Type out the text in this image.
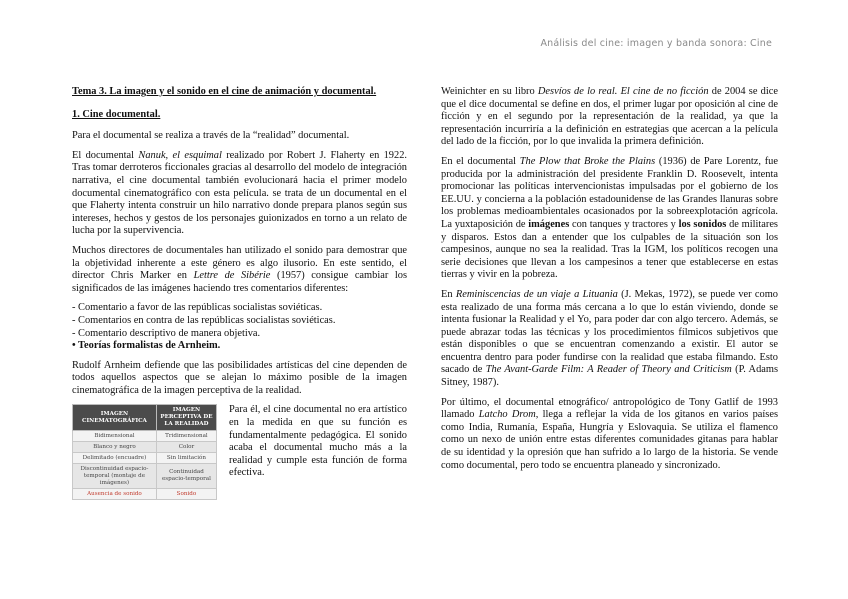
Análisis del cine: imagen y banda sonora: Cine

Tema 3. La imagen y el sonido en el cine de animación y documental.

1. Cine documental.

Para el documental se realiza a través de la “realidad” documental.

El documental Nanuk, el esquimal realizado por Robert J. Flaherty en 1922. Tras tomar derroteros ficcionales gracias al desarrollo del modelo de integración narrativa, el cine documental también evolucionará hacia el primer modelo documental cinematográfico con esta película. se trata de un documental en el que Flaherty intenta construir un hilo narrativo donde prepara planos según sus intereses, hechos y gestos de los personajes guionizados en torno a un relato de lucha por la supervivencia.

Muchos directores de documentales han utilizado el sonido para demostrar que la objetividad inherente a este género es algo ilusorio. En este sentido, el director Chris Marker en Lettre de Sibérie (1957) consigue cambiar los significados de las imágenes haciendo tres comentarios diferentes:

- Comentario a favor de las repúblicas socialistas soviéticas.
- Comentarios en contra de las repúblicas socialistas soviéticas.
- Comentario descriptivo de manera objetiva.
• Teorías formalistas de Arnheim.

Rudolf Arnheim defiende que las posibilidades artísticas del cine dependen de todos aquellos aspectos que se alejan lo máximo posible de la imagen cinematográfica de la imagen perceptiva de la realidad.

IMAGEN CINEMATOGRÁFICA	IMAGEN PERCEPTIVA DE LA REALIDAD
Bidimensional	Tridimensional
Blanco y negro	Color
Delimitado (encuadre)	Sin limitación
Discontinuidad espacio-temporal (montaje de imágenes)	Continuidad espacio-temporal
Ausencia de sonido	Sonido
Para él, el cine documental no era artístico en la medida en que su función es fundamentalmente pedagógica. El sonido acaba el documental mucho más a la realidad y cumple esta función de forma efectiva.

Weinichter en su libro Desvíos de lo real. El cine de no ficción de 2004 se dice que el dice documental se define en dos, el primer lugar por oposición al cine de ficción y en el segundo por la representación de la realidad, ya que la representación incurriría a la definición en estrategias que acercan a la película del lado de la ficción, por lo que invalida la primera definición.

En el documental The Plow that Broke the Plains (1936) de Pare Lorentz, fue producida por la administración del presidente Franklin D. Roosevelt, intenta promocionar las políticas intervencionistas impulsadas por el gobierno de los EE.UU. y concierna a la población estadounidense de las Grandes llanuras sobre los problemas medioambientales ocasionados por la sobreexplotación agrícola. La yuxtaposición de imágenes con tanques y tractores y los sonidos de militares y disparos. Estos dan a entender que los culpables de la situación son los campesinos, aunque no sea la realidad. Tras la IGM, los políticos recogen una serie decisiones que llevan a los campesinos a tener que establecerse en estas tierras y vivir en la pobreza.

En Reminiscencias de un viaje a Lituania (J. Mekas, 1972), se puede ver como esta realizado de una forma más cercana a lo que lo están viviendo, donde se intenta fusionar la Realidad y el Yo, para poder dar con algo tercero. Además, se puede abrazar todas las técnicas y los procedimientos fílmicos subjetivos que están disponibles o que se encuentran comenzando a existir. El autor se encuentra dentro para poder fundirse con la realidad que estaba filmando. Esto sacado de The Avant-Garde Film: A Reader of Theory and Criticism (P. Adams Sitney, 1987).

Por último, el documental etnográfico/ antropológico de Tony Gatlif de 1993 llamado Latcho Drom, llega a reflejar la vida de los gitanos en varios países como India, Rumanía, España, Hungría y Eslovaquia. Se utiliza el flamenco como un nexo de unión entre estas diferentes comunidades gitanas para hablar de su identidad y la opresión que han sufrido a lo largo de la historia. Se vende como documental, pero todo se encuentra planeado y sincronizado.
